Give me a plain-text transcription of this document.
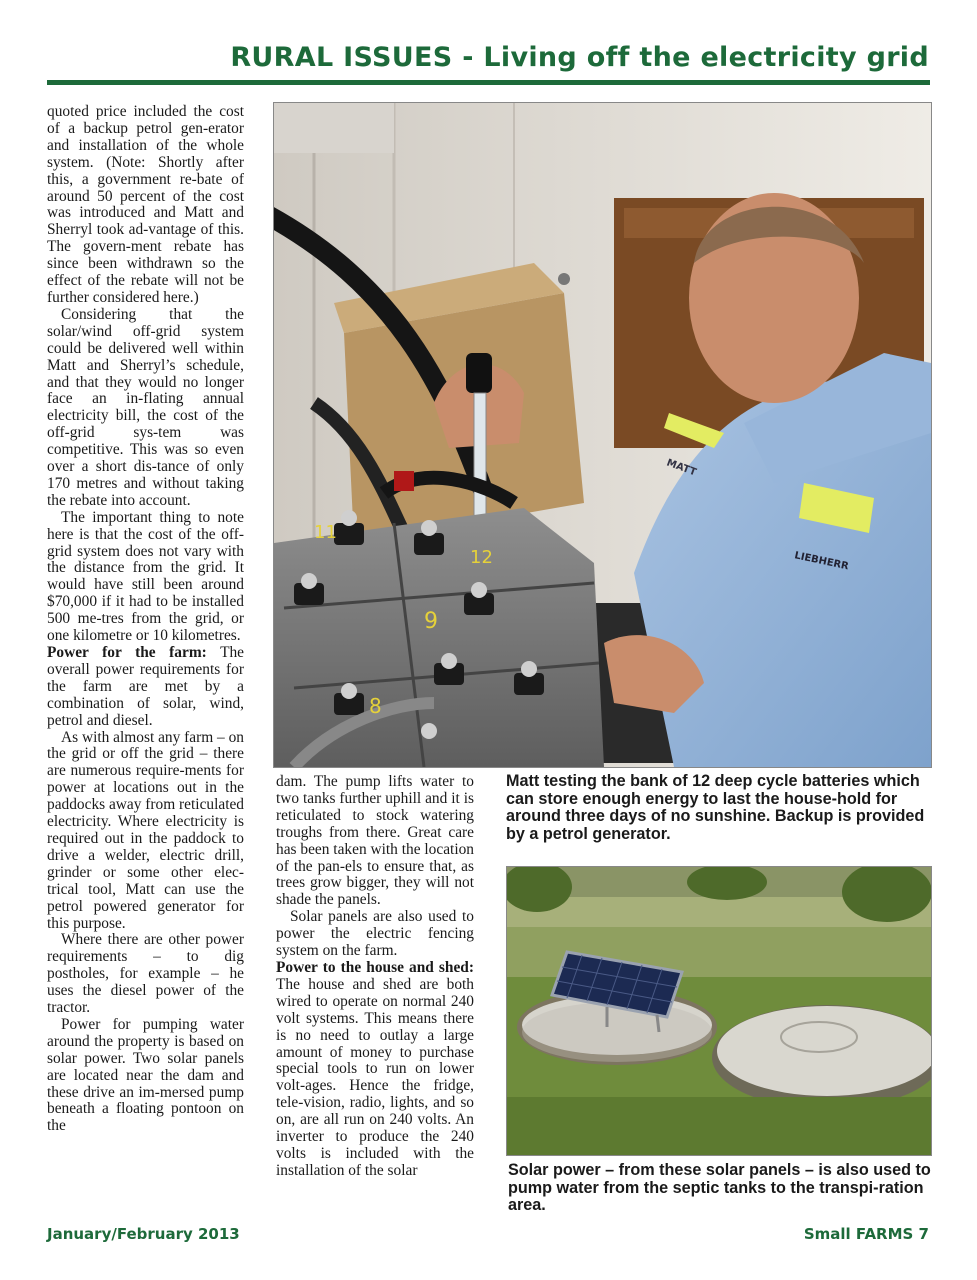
RURAL ISSUES - Living off the electricity grid

quoted price included the cost of a backup petrol gen-erator and installation of the whole system. (Note: Shortly after this, a government re-bate of around 50 percent of the cost was introduced and Matt and Sherryl took ad-vantage of this. The govern-ment rebate has since been withdrawn so the effect of the rebate will not be further considered here.)

Considering that the solar/wind off-grid system could be delivered well within Matt and Sherryl’s schedule, and that they would no longer face an in-flating annual electricity bill, the cost of the off-grid sys-tem was competitive. This was so even over a short dis-tance of only 170 metres and without taking the rebate into account.

The important thing to note here is that the cost of the off-grid system does not vary with the distance from the grid. It would have still been around $70,000 if it had to be installed 500 me-tres from the grid, or one kilometre or 10 kilometres.

Power for the farm: The overall power requirements for the farm are met by a combination of solar, wind, petrol and diesel.

As with almost any farm – on the grid or off the grid – there are numerous require-ments for power at locations out in the paddocks away from reticulated electricity. Where electricity is required out in the paddock to drive a welder, electric drill, grinder or some other elec-trical tool, Matt can use the petrol powered generator for this purpose.

Where there are other power requirements – to dig postholes, for example – he uses the diesel power of the tractor.

Power for pumping water around the property is based on solar power. Two solar panels are located near the dam and these drive an im-mersed pump beneath a floating pontoon on the

dam. The pump lifts water to two tanks further uphill and it is reticulated to stock watering troughs from there. Great care has been taken with the location of the pan-els to ensure that, as trees grow bigger, they will not shade the panels.

Solar panels are also used to power the electric fencing system on the farm.

Power to the house and shed: The house and shed are both wired to operate on normal 240 volt systems. This means there is no need to outlay a large amount of money to purchase special tools to run on lower volt-ages. Hence the fridge, tele-vision, radio, lights, and so on, are all run on 240 volts. An inverter to produce the 240 volts is included with the installation of the solar

11
12
9
8
MATT
LIEBHERR
Matt testing the bank of 12 deep cycle batteries which can store enough energy to last the house-hold for around three days of no sunshine. Backup is provided by a petrol generator.
Solar power – from these solar panels – is also used to pump water from the septic tanks to the transpi-ration area.
January/February 2013	Small FARMS 7
